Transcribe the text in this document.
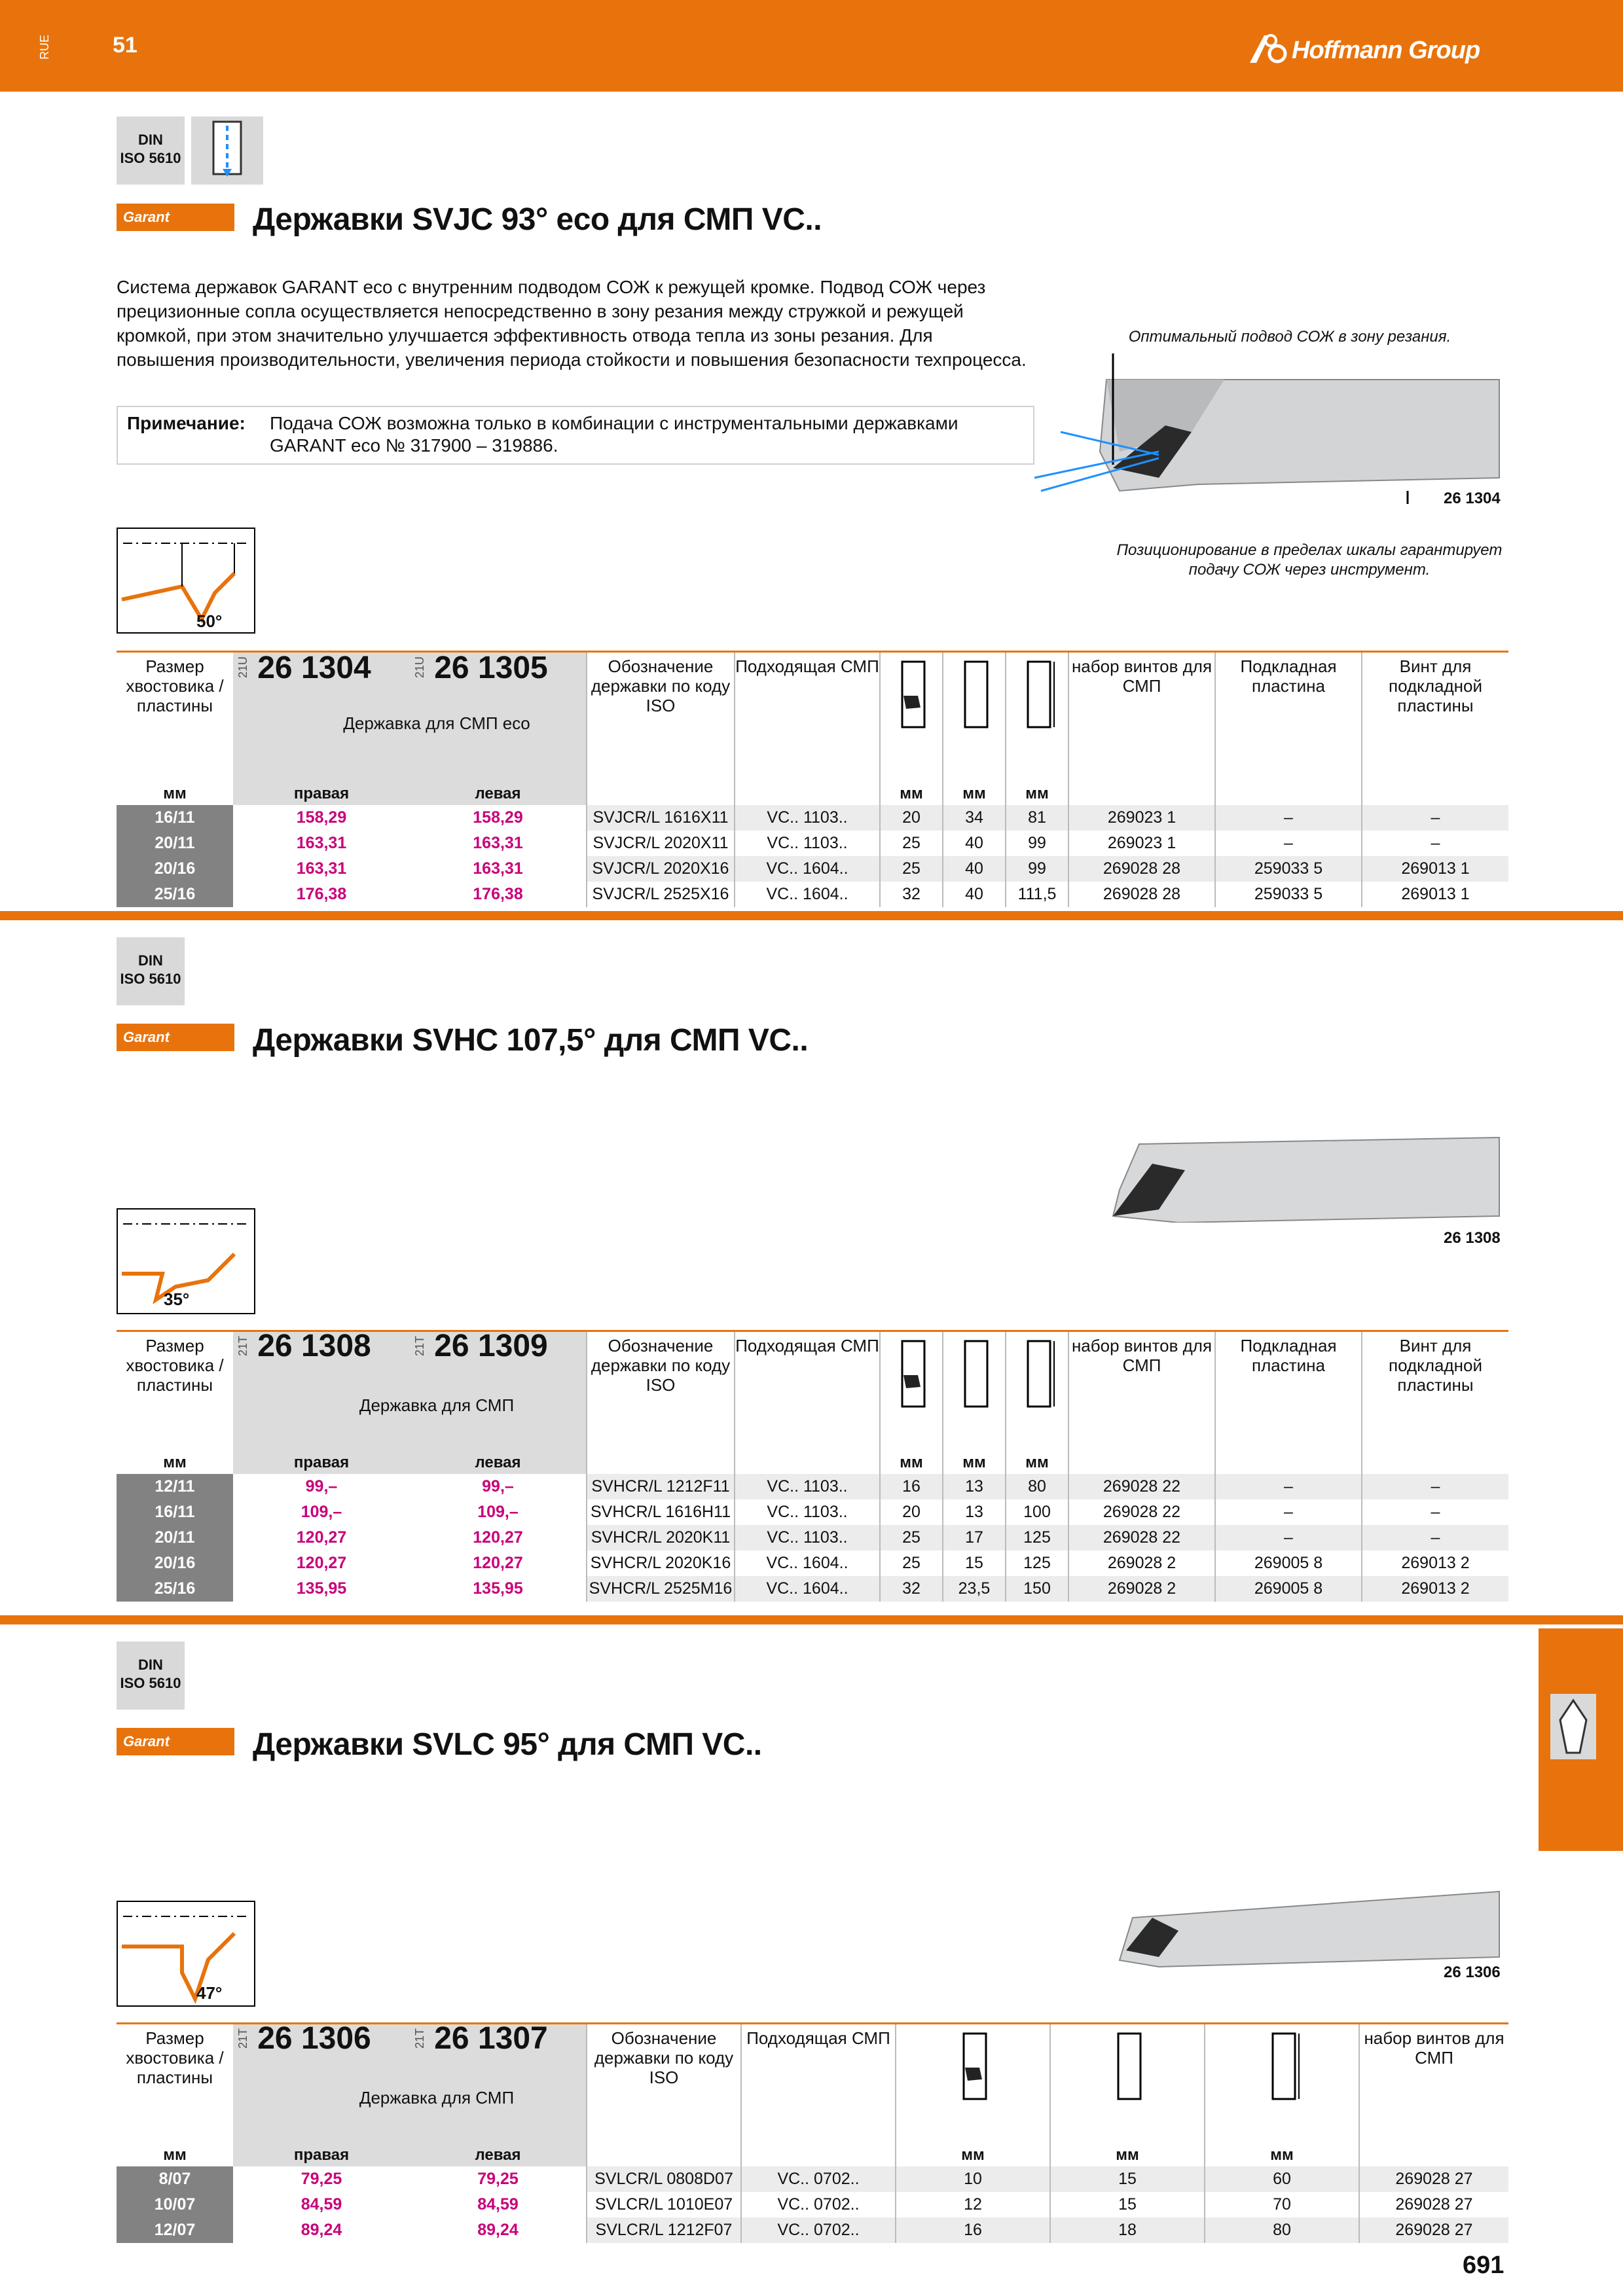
RUE	51	Hoffmann Group
DIN
ISO 5610
Garant	Державки SVJC 93° eco для СМП VC..
Система державок GARANT eco с внутренним подводом СОЖ к режущей кромке. Подвод СОЖ через прецизионные сопла осуществляется непосредственно в зону резания между стружкой и режущей кромкой, при этом значительно улучшается эффективность отвода тепла из зоны резания. Для повышения производительности, увеличения периода стойкости и повышения безопасности техпроцесса.
Примечание: Подача СОЖ возможна только в комбинации с инструментальными державками GARANT eco № 317900 – 319886.
Оптимальный подвод СОЖ в зону резания.
26 1304
Позиционирование в пределах шкалы гарантирует подачу СОЖ через инструмент.
50°
Размер хвостовика / пластины	21U 26 1304	21U 26 1305	Обозначение державки по коду ISO	Подходящая СМП				набор винтов для СМП	Подкладная пластина	Винт для подкладной пластины

мм	правая	левая			мм	мм	мм			
16/11	158,29	158,29	SVJCR/L 1616X11	VC.. 1103..	20	34	81	269023 1	–	–
20/11	163,31	163,31	SVJCR/L 2020X11	VC.. 1103..	25	40	99	269023 1	–	–
20/16	163,31	163,31	SVJCR/L 2020X16	VC.. 1604..	25	40	99	269028 28	259033 5	269013 1
25/16	176,38	176,38	SVJCR/L 2525X16	VC.. 1604..	32	40	111,5	269028 28	259033 5	269013 1
Державка для СМП eco
DIN
ISO 5610
Garant	Державки SVHC 107,5° для СМП VC..
26 1308
35°
Размер хвостовика / пластины	21T 26 1308	21T 26 1309	Обозначение державки по коду ISO	Подходящая СМП				набор винтов для СМП	Подкладная пластина	Винт для подкладной пластины
мм	правая	левая			мм	мм	мм			
12/11	99,–	99,–	SVHCR/L 1212F11	VC.. 1103..	16	13	80	269028 22	–	–
16/11	109,–	109,–	SVHCR/L 1616H11	VC.. 1103..	20	13	100	269028 22	–	–
20/11	120,27	120,27	SVHCR/L 2020K11	VC.. 1103..	25	17	125	269028 22	–	–
20/16	120,27	120,27	SVHCR/L 2020K16	VC.. 1604..	25	15	125	269028 2	269005 8	269013 2
25/16	135,95	135,95	SVHCR/L 2525M16	VC.. 1604..	32	23,5	150	269028 2	269005 8	269013 2
Державка для СМП
DIN
ISO 5610
Garant	Державки SVLC 95° для СМП VC..
26 1306
47°
Размер хвостовика / пластины	21T 26 1306	21T 26 1307	Обозначение державки по коду ISO	Подходящая СМП				набор винтов для СМП
мм	правая	левая			мм	мм	мм	
8/07	79,25	79,25	SVLCR/L 0808D07	VC.. 0702..	10	15	60	269028 27
10/07	84,59	84,59	SVLCR/L 1010E07	VC.. 0702..	12	15	70	269028 27
12/07	89,24	89,24	SVLCR/L 1212F07	VC.. 0702..	16	18	80	269028 27
Державка для СМП
691
